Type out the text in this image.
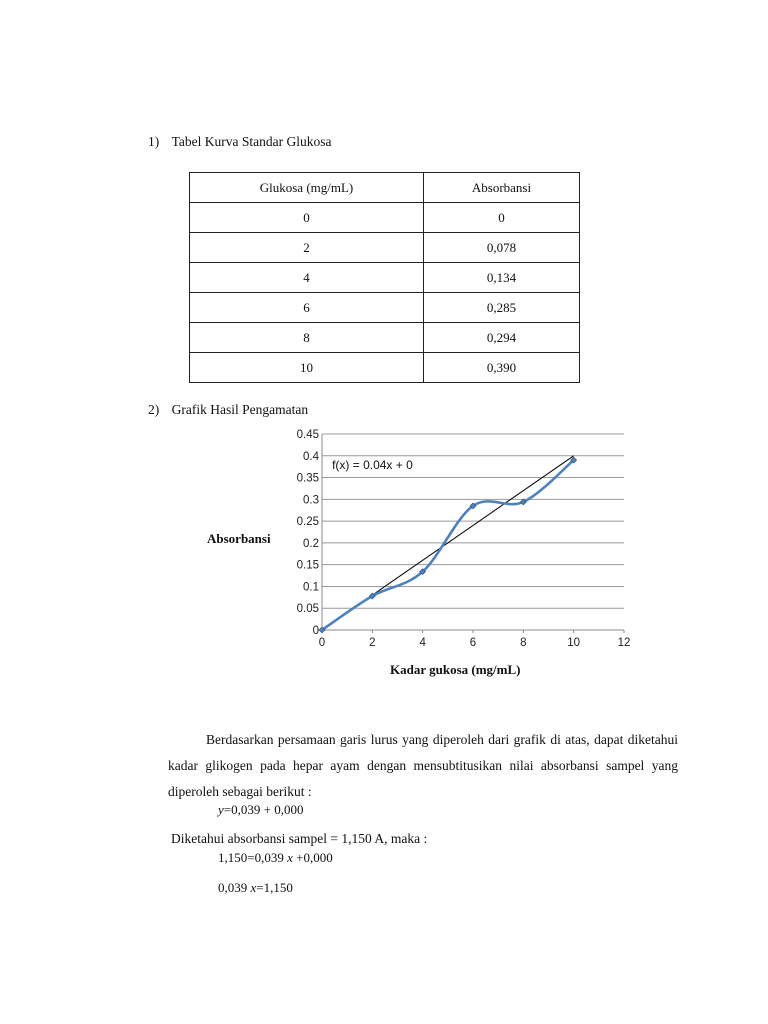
1) Tabel Kurva Standar Glukosa
Glukosa (mg/mL)	Absorbansi
0	0
2	0,078
4	0,134
6	0,285
8	0,294
10	0,390
2) Grafik Hasil Pengamatan
Absorbansi
0
0.05
0.1
0.15
0.2
0.25
0.3
0.35
0.4
0.45
0	2	4	6	8	10	12
f(x) = 0.04x + 0
Kadar gukosa (mg/mL)
Berdasarkan persamaan garis lurus yang diperoleh dari grafik di atas, dapat diketahui kadar glikogen pada hepar ayam dengan mensubtitusikan nilai absorbansi sampel yang diperoleh sebagai berikut :
y=0,039 + 0,000
Diketahui absorbansi sampel = 1,150 A, maka :
1,150=0,039 x +0,000
0,039 x=1,150
